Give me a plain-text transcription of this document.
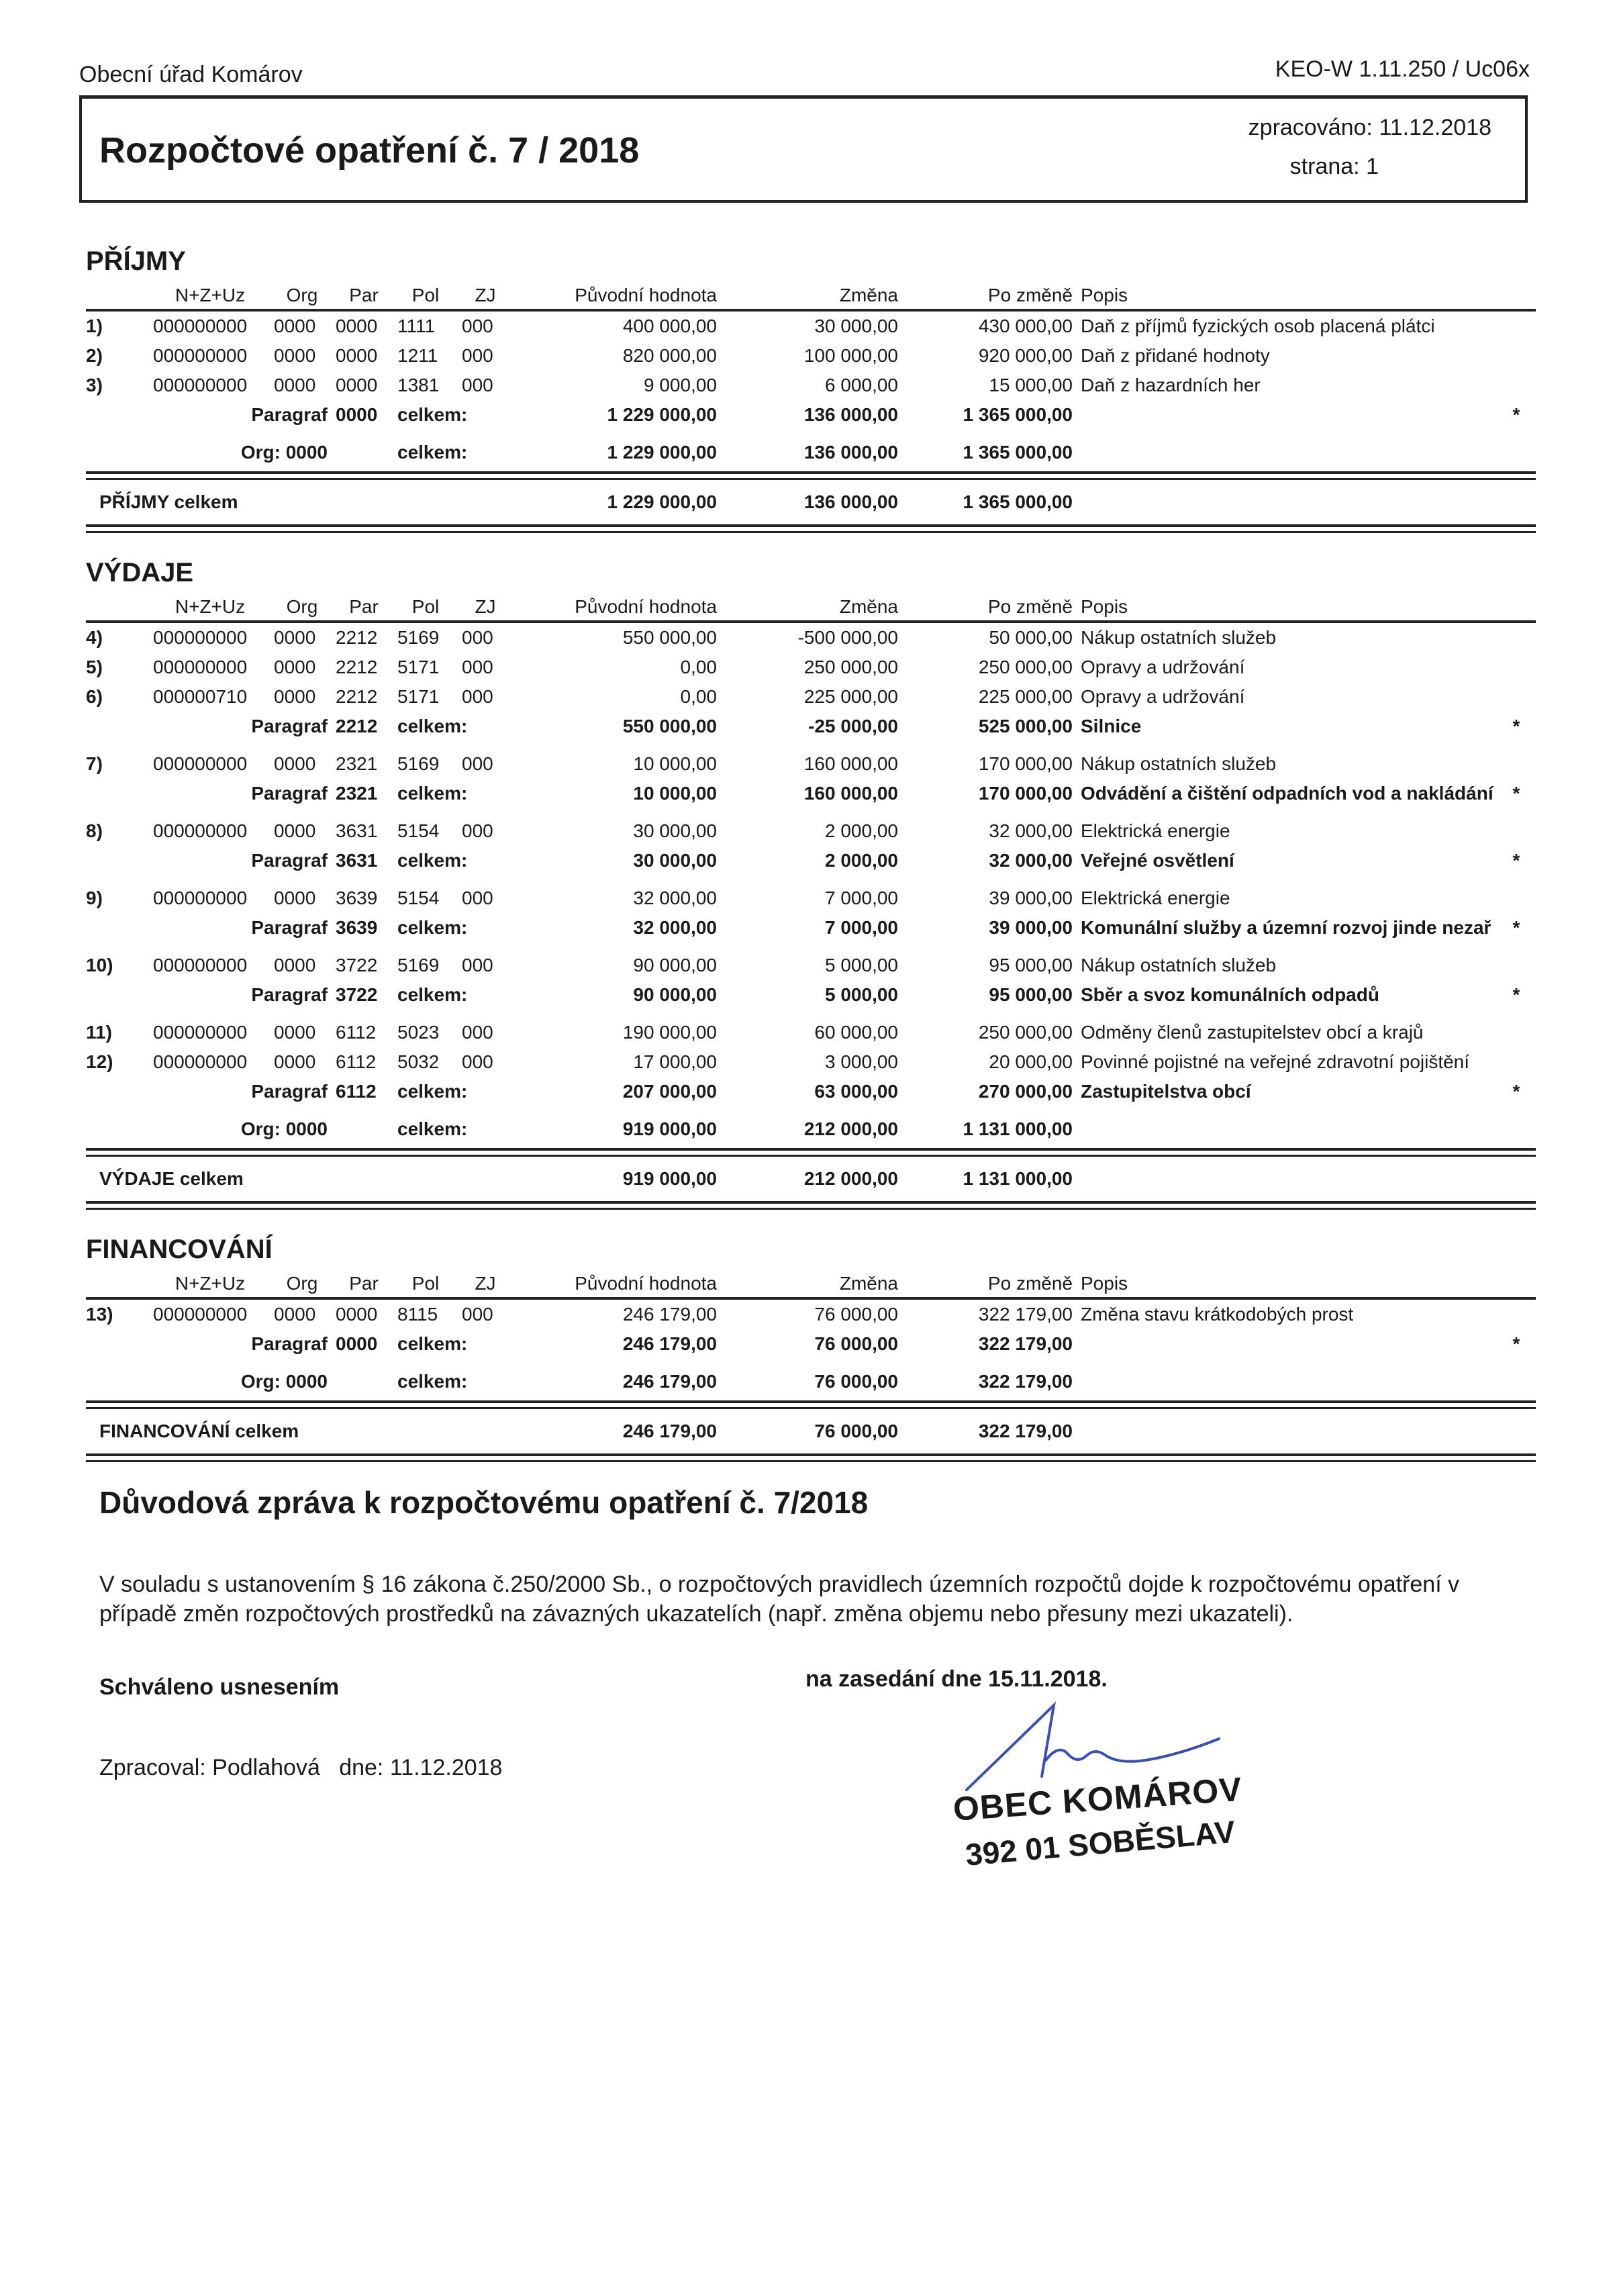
Obecní úřad Komárov	KEO-W 1.11.250 / Uc06x
Rozpočtové opatření č. 7 / 2018
zpracováno: 11.12.2018
strana: 1
PŘÍJMY
N+Z+Uz	Org	Par	Pol	ZJ	Původní hodnota	Změna	Po změně Popis
1)	000000000	0000	0000	1111	000	400 000,00	30 000,00	430 000,00 Daň z příjmů fyzických osob placená plátci
2)	000000000	0000	0000	1211	000	820 000,00	100 000,00	920 000,00 Daň z přidané hodnoty
3)	000000000	0000	0000	1381	000	9 000,00	6 000,00	15 000,00 Daň z hazardních her
Paragraf 0000	celkem:	1 229 000,00	136 000,00	1 365 000,00	*
Org: 0000	celkem:	1 229 000,00	136 000,00	1 365 000,00
PŘÍJMY celkem	1 229 000,00	136 000,00	1 365 000,00
VÝDAJE
N+Z+Uz	Org	Par	Pol	ZJ	Původní hodnota	Změna	Po změně Popis
4)	000000000	0000	2212	5169	000	550 000,00	-500 000,00	50 000,00 Nákup ostatních služeb
5)	000000000	0000	2212	5171	000	0,00	250 000,00	250 000,00 Opravy a udržování
6)	000000710	0000	2212	5171	000	0,00	225 000,00	225 000,00 Opravy a udržování
Paragraf 2212	celkem:	550 000,00	-25 000,00	525 000,00 Silnice	*
7)	000000000	0000	2321	5169	000	10 000,00	160 000,00	170 000,00 Nákup ostatních služeb
Paragraf 2321	celkem:	10 000,00	160 000,00	170 000,00 Odvádění a čištění odpadních vod a nakládání	*
8)	000000000	0000	3631	5154	000	30 000,00	2 000,00	32 000,00 Elektrická energie
Paragraf 3631	celkem:	30 000,00	2 000,00	32 000,00 Veřejné osvětlení	*
9)	000000000	0000	3639	5154	000	32 000,00	7 000,00	39 000,00 Elektrická energie
Paragraf 3639	celkem:	32 000,00	7 000,00	39 000,00 Komunální služby a územní rozvoj jinde nezař	*
10)	000000000	0000	3722	5169	000	90 000,00	5 000,00	95 000,00 Nákup ostatních služeb
Paragraf 3722	celkem:	90 000,00	5 000,00	95 000,00 Sběr a svoz komunálních odpadů	*
11)	000000000	0000	6112	5023	000	190 000,00	60 000,00	250 000,00 Odměny členů zastupitelstev obcí a krajů
12)	000000000	0000	6112	5032	000	17 000,00	3 000,00	20 000,00 Povinné pojistné na veřejné zdravotní pojištění
Paragraf 6112	celkem:	207 000,00	63 000,00	270 000,00 Zastupitelstva obcí	*
Org: 0000	celkem:	919 000,00	212 000,00	1 131 000,00
VÝDAJE celkem	919 000,00	212 000,00	1 131 000,00
FINANCOVÁNÍ
N+Z+Uz	Org	Par	Pol	ZJ	Původní hodnota	Změna	Po změně Popis
13)	000000000	0000	0000	8115	000	246 179,00	76 000,00	322 179,00 Změna stavu krátkodobých prost
Paragraf 0000	celkem:	246 179,00	76 000,00	322 179,00	*
Org: 0000	celkem:	246 179,00	76 000,00	322 179,00
FINANCOVÁNÍ celkem	246 179,00	76 000,00	322 179,00
Důvodová zpráva k rozpočtovému opatření č. 7/2018
V souladu s ustanovením § 16 zákona č.250/2000 Sb., o rozpočtových pravidlech územních rozpočtů dojde k rozpočtovému opatření v případě změn rozpočtových prostředků na závazných ukazatelích (např. změna objemu nebo přesuny mezi ukazateli).
Schváleno usnesením	na zasedání dne 15.11.2018.
Zpracoval: Podlahová   dne: 11.12.2018
OBEC KOMÁROV
392 01 SOBĚSLAV
